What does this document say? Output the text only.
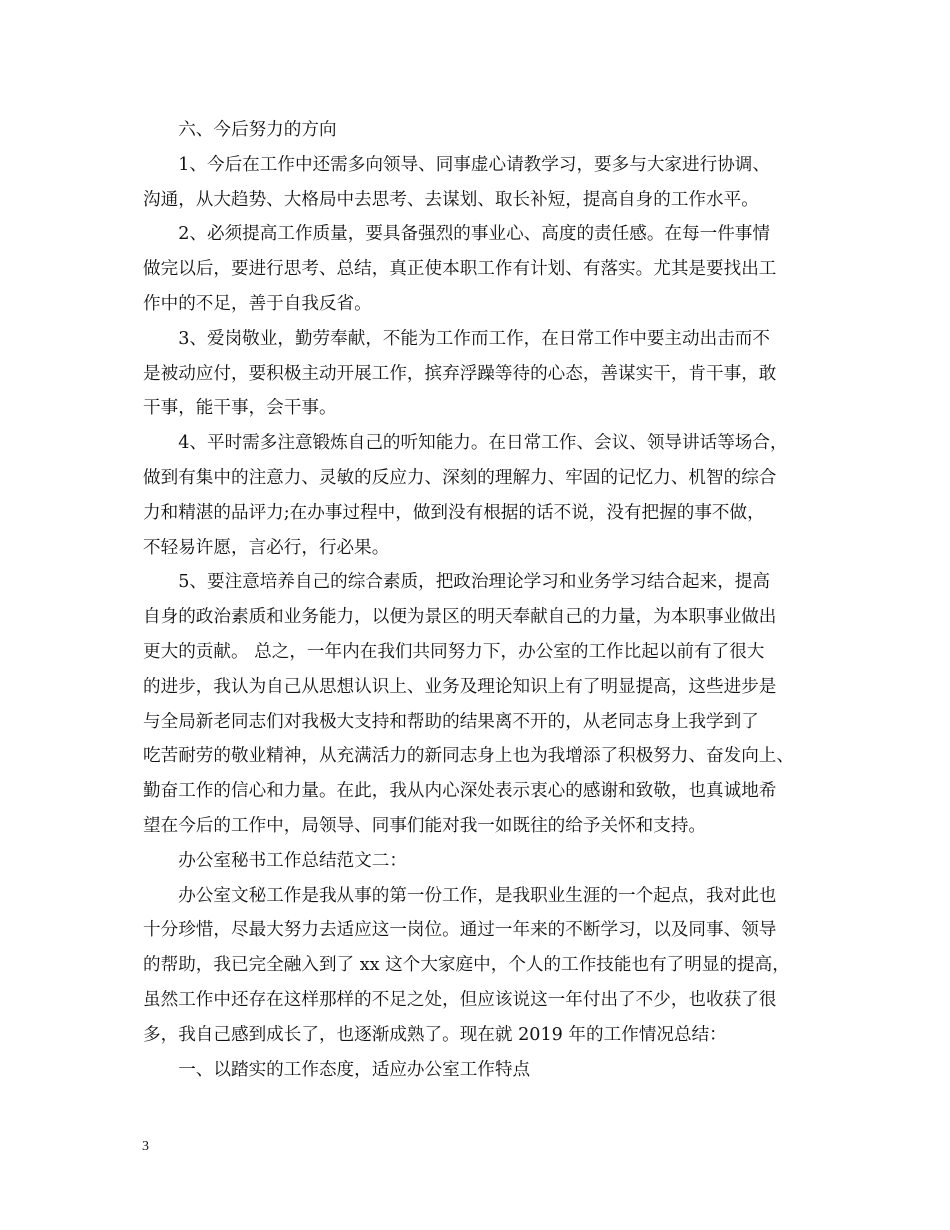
六、今后努力的方向
1、今后在工作中还需多向领导、同事虚心请教学习，要多与大家进行协调、
沟通，从大趋势、大格局中去思考、去谋划、取长补短，提高自身的工作水平。
2、必须提高工作质量，要具备强烈的事业心、高度的责任感。在每一件事情
做完以后，要进行思考、总结，真正使本职工作有计划、有落实。尤其是要找出工
作中的不足，善于自我反省。
3、爱岗敬业，勤劳奉献，不能为工作而工作，在日常工作中要主动出击而不
是被动应付，要积极主动开展工作，摈弃浮躁等待的心态，善谋实干，肯干事，敢
干事，能干事，会干事。
4、平时需多注意锻炼自己的听知能力。在日常工作、会议、领导讲话等场合，
做到有集中的注意力、灵敏的反应力、深刻的理解力、牢固的记忆力、机智的综合
力和精湛的品评力;在办事过程中，做到没有根据的话不说，没有把握的事不做，
不轻易许愿，言必行，行必果。
5、要注意培养自己的综合素质，把政治理论学习和业务学习结合起来，提高
自身的政治素质和业务能力，以便为景区的明天奉献自己的力量，为本职事业做出
更大的贡献。 总之，一年内在我们共同努力下，办公室的工作比起以前有了很大
的进步，我认为自己从思想认识上、业务及理论知识上有了明显提高，这些进步是
与全局新老同志们对我极大支持和帮助的结果离不开的，从老同志身上我学到了
吃苦耐劳的敬业精神，从充满活力的新同志身上也为我增添了积极努力、奋发向上、
勤奋工作的信心和力量。在此，我从内心深处表示衷心的感谢和致敬，也真诚地希
望在今后的工作中，局领导、同事们能对我一如既往的给予关怀和支持。
办公室秘书工作总结范文二：
办公室文秘工作是我从事的第一份工作，是我职业生涯的一个起点，我对此也
十分珍惜，尽最大努力去适应这一岗位。通过一年来的不断学习，以及同事、领导
的帮助，我已完全融入到了 xx 这个大家庭中，个人的工作技能也有了明显的提高，
虽然工作中还存在这样那样的不足之处，但应该说这一年付出了不少，也收获了很
多，我自己感到成长了，也逐渐成熟了。现在就 2019 年的工作情况总结：
一、以踏实的工作态度，适应办公室工作特点
3
